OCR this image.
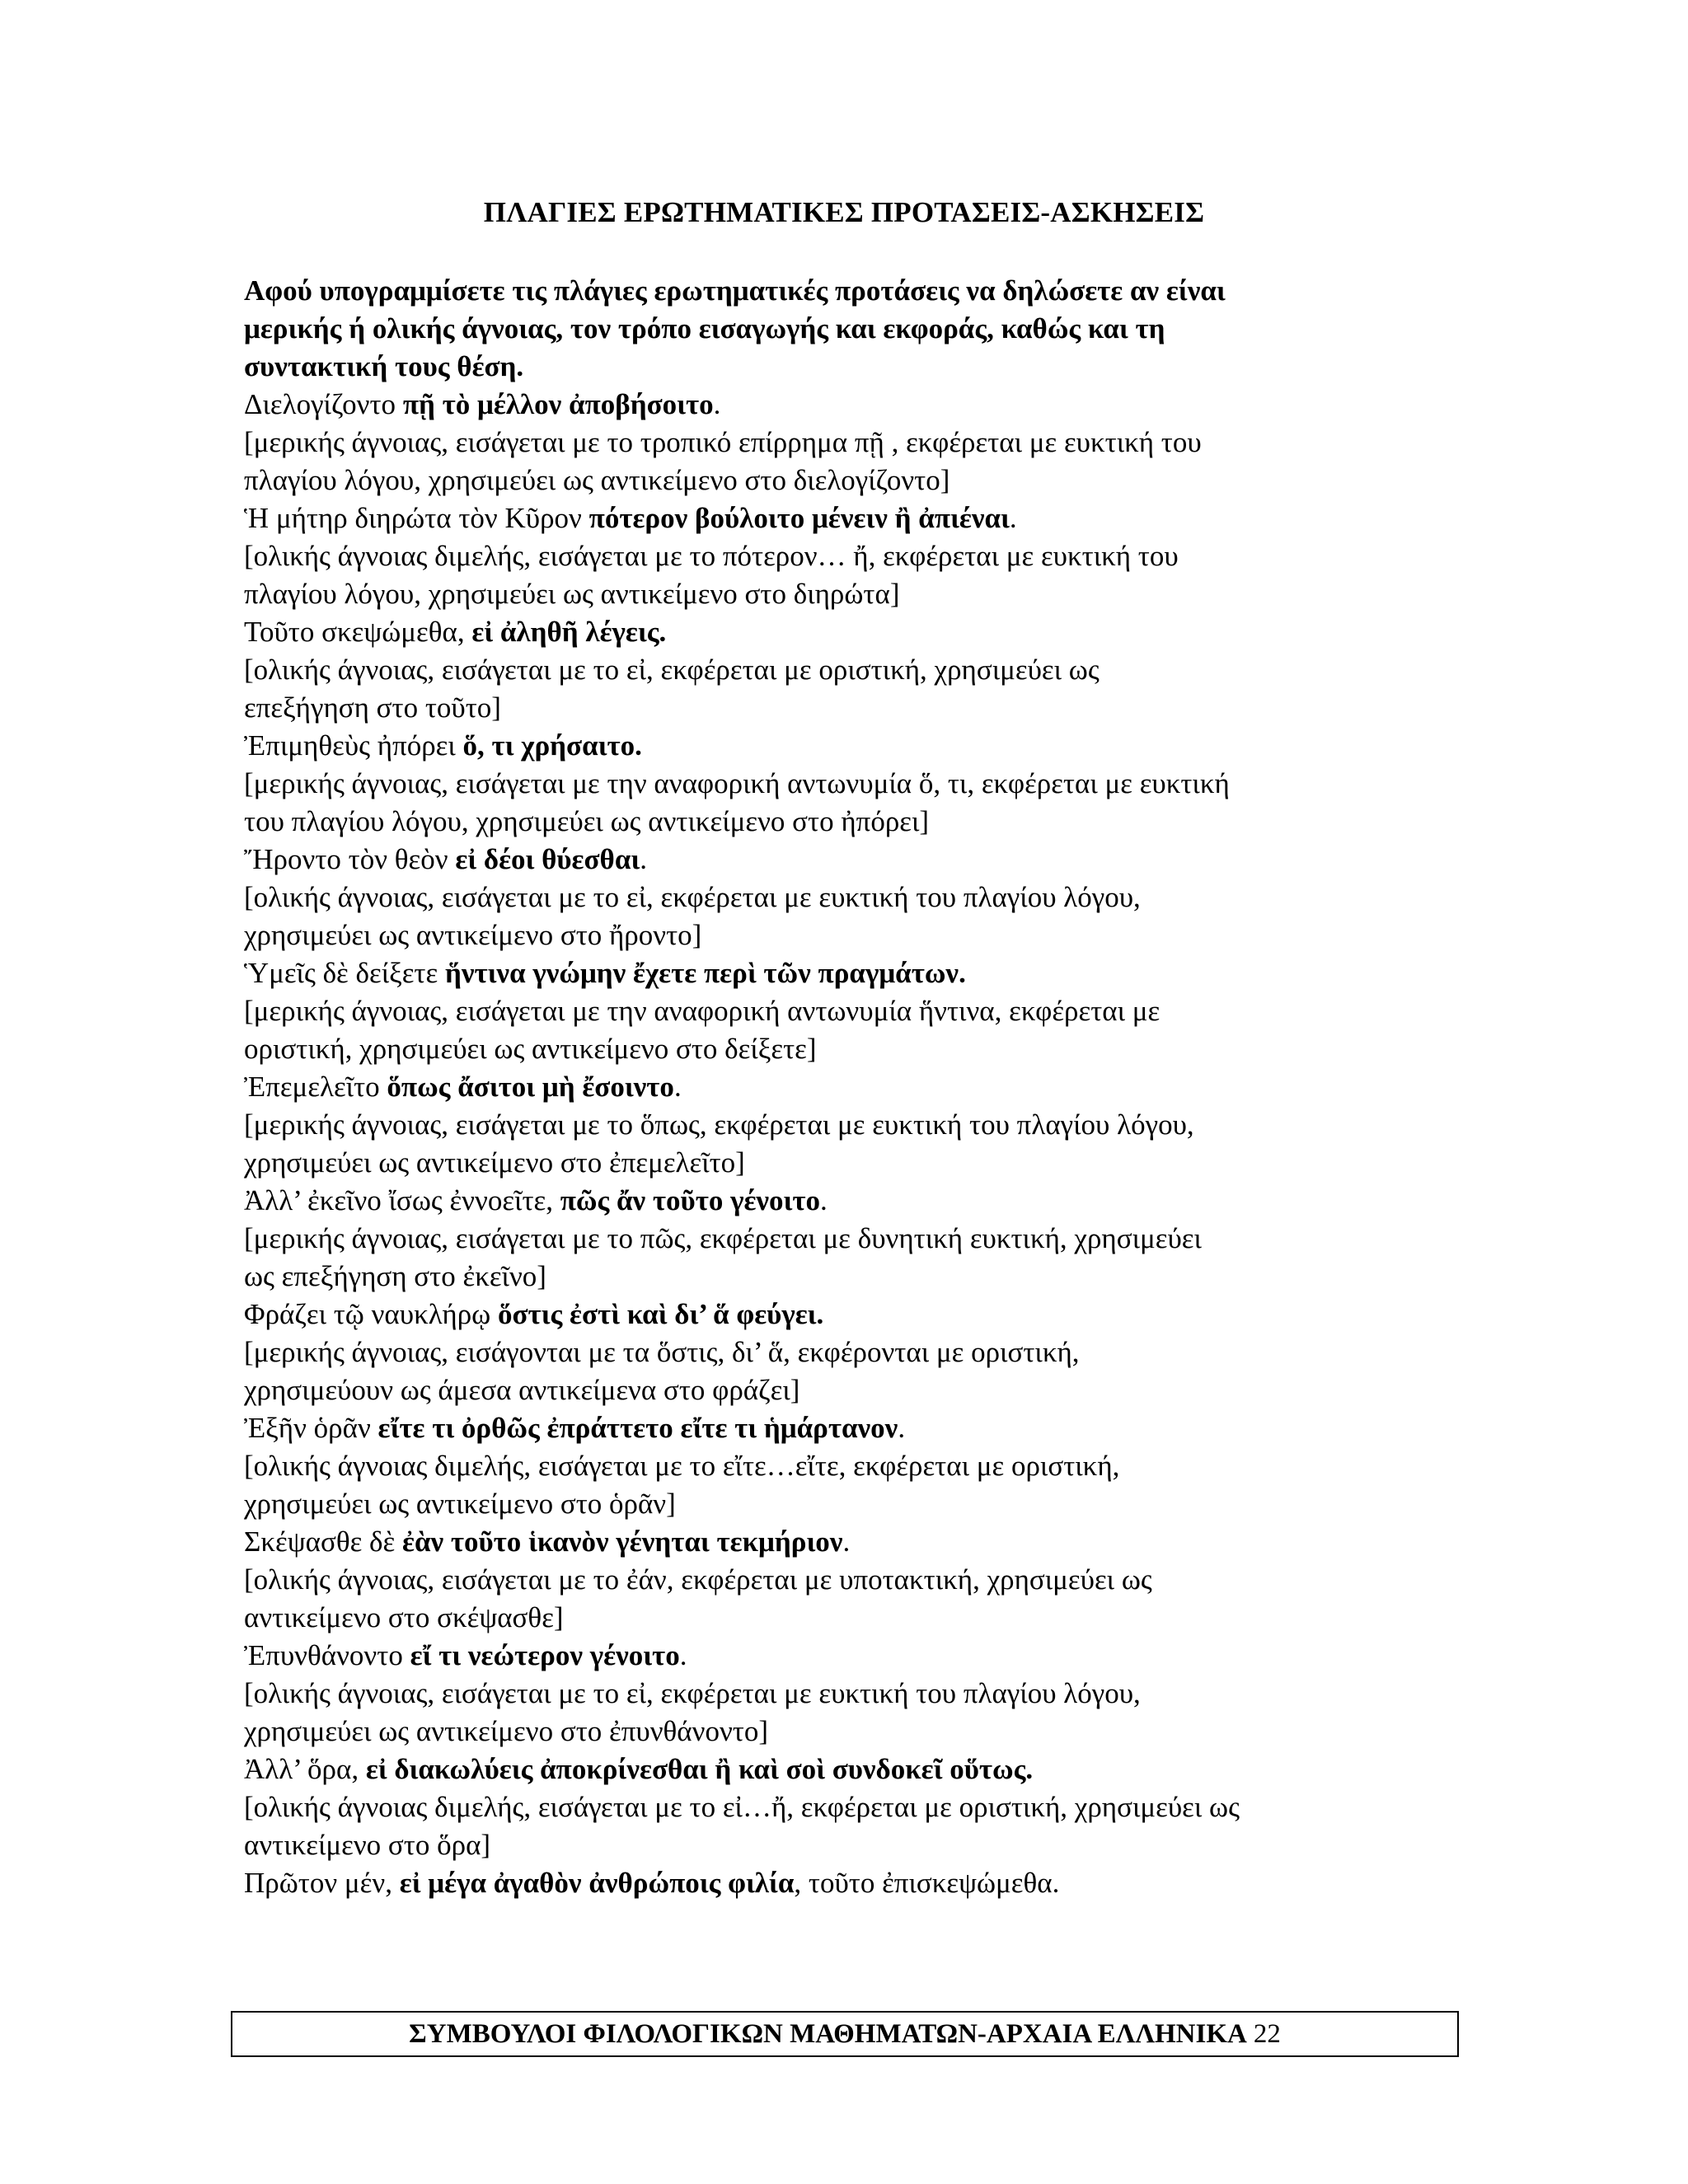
ΠΛΑΓΙΕΣ ΕΡΩΤΗΜΑΤΙΚΕΣ ΠΡΟΤΑΣΕΙΣ-ΑΣΚΗΣΕΙΣ
Αφού υπογραμμίσετε τις πλάγιες ερωτηματικές προτάσεις να δηλώσετε αν είναι
μερικής ή ολικής άγνοιας, τον τρόπο εισαγωγής και εκφοράς, καθώς και τη
συντακτική τους θέση.
Διελογίζοντο πῇ τὸ μέλλον ἀποβήσοιτο.
[μερικής άγνοιας, εισάγεται με το τροπικό επίρρημα πῇ , εκφέρεται με ευκτική του
πλαγίου λόγου, χρησιμεύει ως αντικείμενο στο διελογίζοντο]
Ἡ μήτηρ διηρώτα τὸν Κῦρον πότερον βούλοιτο μένειν ἢ ἀπιέναι.
[ολικής άγνοιας διμελής, εισάγεται με το πότερον… ἤ, εκφέρεται με ευκτική του
πλαγίου λόγου, χρησιμεύει ως αντικείμενο στο διηρώτα]
Τοῦτο σκεψώμεθα, εἰ ἀληθῆ λέγεις.
[ολικής άγνοιας, εισάγεται με το εἰ, εκφέρεται με οριστική, χρησιμεύει ως
επεξήγηση στο τοῦτο]
Ἐπιμηθεὺς ἠπόρει ὅ, τι χρήσαιτο.
[μερικής άγνοιας, εισάγεται με την αναφορική αντωνυμία ὅ, τι, εκφέρεται με ευκτική
του πλαγίου λόγου, χρησιμεύει ως αντικείμενο στο ἠπόρει]
Ἤροντο τὸν θεὸν εἰ δέοι θύεσθαι.
[ολικής άγνοιας, εισάγεται με το εἰ, εκφέρεται με ευκτική του πλαγίου λόγου,
χρησιμεύει ως αντικείμενο στο ἤροντο]
Ὑμεῖς δὲ δείξετε ἥντινα γνώμην ἔχετε περὶ τῶν πραγμάτων.
[μερικής άγνοιας, εισάγεται με την αναφορική αντωνυμία ἥντινα, εκφέρεται με
οριστική, χρησιμεύει ως αντικείμενο στο δείξετε]
Ἐπεμελεῖτο ὅπως ἄσιτοι μὴ ἔσοιντο.
[μερικής άγνοιας, εισάγεται με το ὅπως, εκφέρεται με ευκτική του πλαγίου λόγου,
χρησιμεύει ως αντικείμενο στο ἐπεμελεῖτο]
Ἀλλ’ ἐκεῖνο ἴσως ἐννοεῖτε, πῶς ἄν τοῦτο γένοιτο.
[μερικής άγνοιας, εισάγεται με το πῶς, εκφέρεται με δυνητική ευκτική, χρησιμεύει
ως επεξήγηση στο ἐκεῖνο]
Φράζει τῷ ναυκλήρῳ ὅστις ἐστὶ καὶ δι’ ἅ φεύγει.
[μερικής άγνοιας, εισάγονται με τα ὅστις, δι’ ἅ, εκφέρονται με οριστική,
χρησιμεύουν ως άμεσα αντικείμενα στο φράζει]
Ἐξῆν ὁρᾶν εἴτε τι ὀρθῶς ἐπράττετο εἴτε τι ἡμάρτανον.
[ολικής άγνοιας διμελής, εισάγεται με το εἴτε…εἴτε, εκφέρεται με οριστική,
χρησιμεύει ως αντικείμενο στο ὁρᾶν]
Σκέψασθε δὲ ἐὰν τοῦτο ἱκανὸν γένηται τεκμήριον.
[ολικής άγνοιας, εισάγεται με το ἐάν, εκφέρεται με υποτακτική, χρησιμεύει ως
αντικείμενο στο σκέψασθε]
Ἐπυνθάνοντο εἴ τι νεώτερον γένοιτο.
[ολικής άγνοιας, εισάγεται με το εἰ, εκφέρεται με ευκτική του πλαγίου λόγου,
χρησιμεύει ως αντικείμενο στο ἐπυνθάνοντο]
Ἀλλ’ ὅρα, εἰ διακωλύεις ἀποκρίνεσθαι ἢ καὶ σοὶ συνδοκεῖ οὕτως.
[ολικής άγνοιας διμελής, εισάγεται με το εἰ…ἤ, εκφέρεται με οριστική, χρησιμεύει ως
αντικείμενο στο ὅρα]
Πρῶτον μέν, εἰ μέγα ἀγαθὸν ἀνθρώποις φιλία, τοῦτο ἐπισκεψώμεθα.
ΣΥΜΒΟΥΛΟΙ ΦΙΛΟΛΟΓΙΚΩΝ ΜΑΘΗΜΑΤΩΝ-ΑΡΧΑΙΑ ΕΛΛΗΝΙΚΑ 22
